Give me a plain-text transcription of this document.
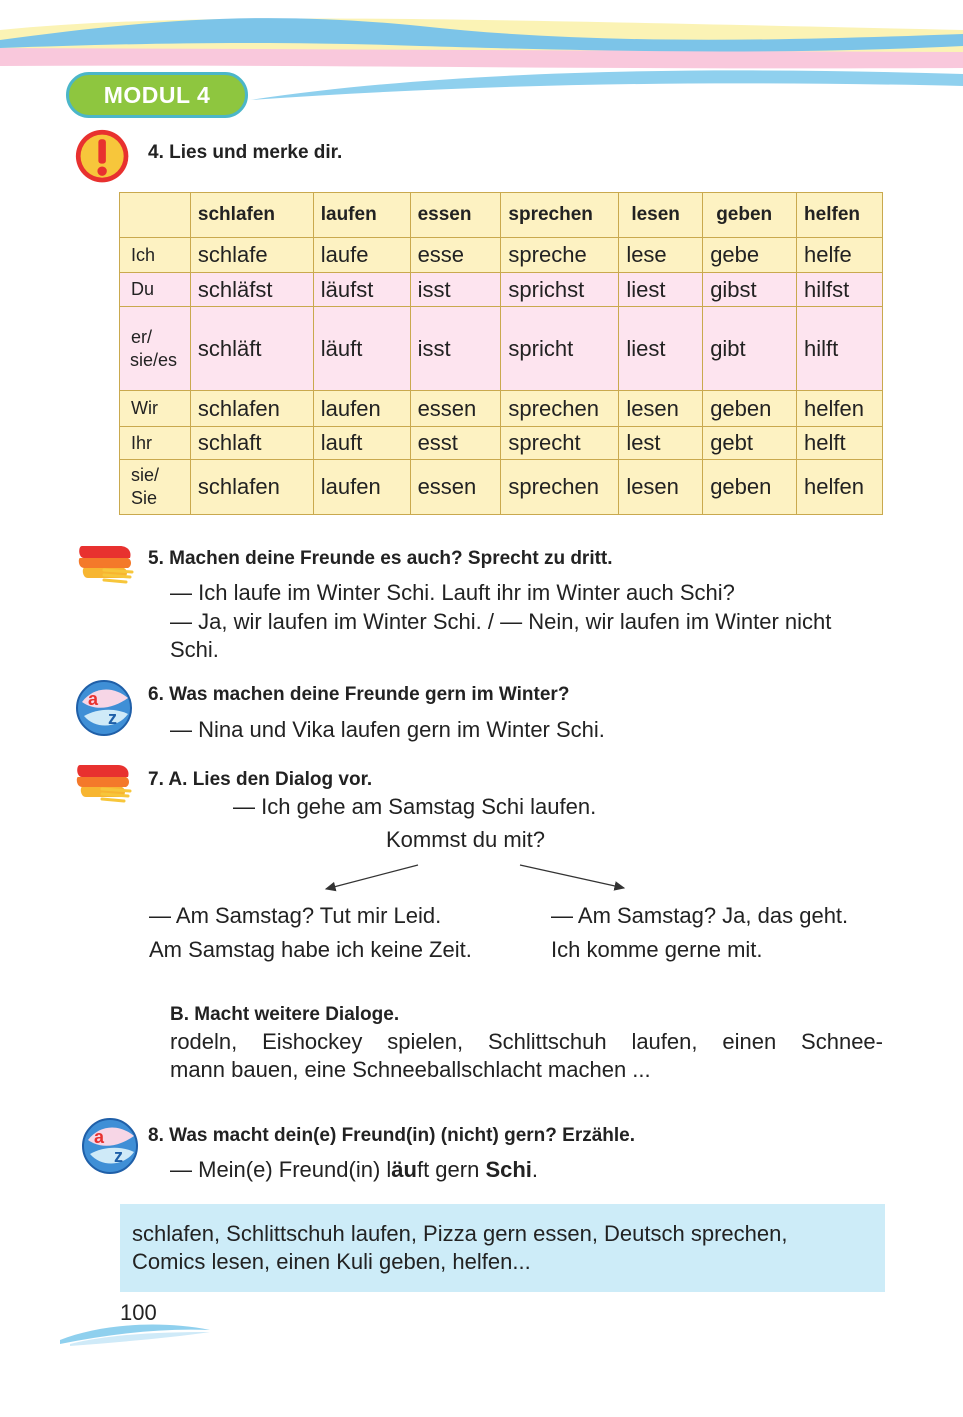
MODUL 4
4. Lies und merke dir.
	schlafen	laufen	essen	sprechen	lesen	geben	helfen
Ich	schlafe	laufe	esse	spreche	lese	gebe	helfe
Du	schläfst	läufst	isst	sprichst	liest	gibst	hilfst

er/
sie/es	schläft	läuft	isst	spricht	liest	gibt	hilft
Wir	schlafen	laufen	essen	sprechen	lesen	geben	helfen
Ihr	schlaft	lauft	esst	sprecht	lest	gebt	helft

sie/
Sie	schlafen	laufen	essen	sprechen	lesen	geben	helfen
5. Machen deine Freunde es auch? Sprecht zu dritt.
— Ich laufe im Winter Schi. Lauft ihr im Winter auch Schi?
— Ja, wir laufen im Winter Schi. / — Nein, wir laufen im Winter nicht
Schi.
a
z
6. Was machen deine Freunde gern im Winter?
— Nina und Vika laufen gern im Winter Schi.
7. A. Lies den Dialog vor.
— Ich gehe am Samstag Schi laufen.
Kommst du mit?
— Am Samstag? Tut mir Leid.
Am Samstag habe ich keine Zeit.
— Am Samstag? Ja, das geht.
Ich komme gerne mit.
B. Macht weitere Dialoge.
rodeln, Eishockey spielen, Schlittschuh laufen, einen Schnee-
mann bauen, eine Schneeballschlacht machen ...
a
z
8. Was macht dein(e) Freund(in) (nicht) gern? Erzähle.
— Mein(e) Freund(in) läuft gern Schi.
schlafen, Schlittschuh laufen, Pizza gern essen, Deutsch sprechen,
Comics lesen, einen Kuli geben, helfen...
100
